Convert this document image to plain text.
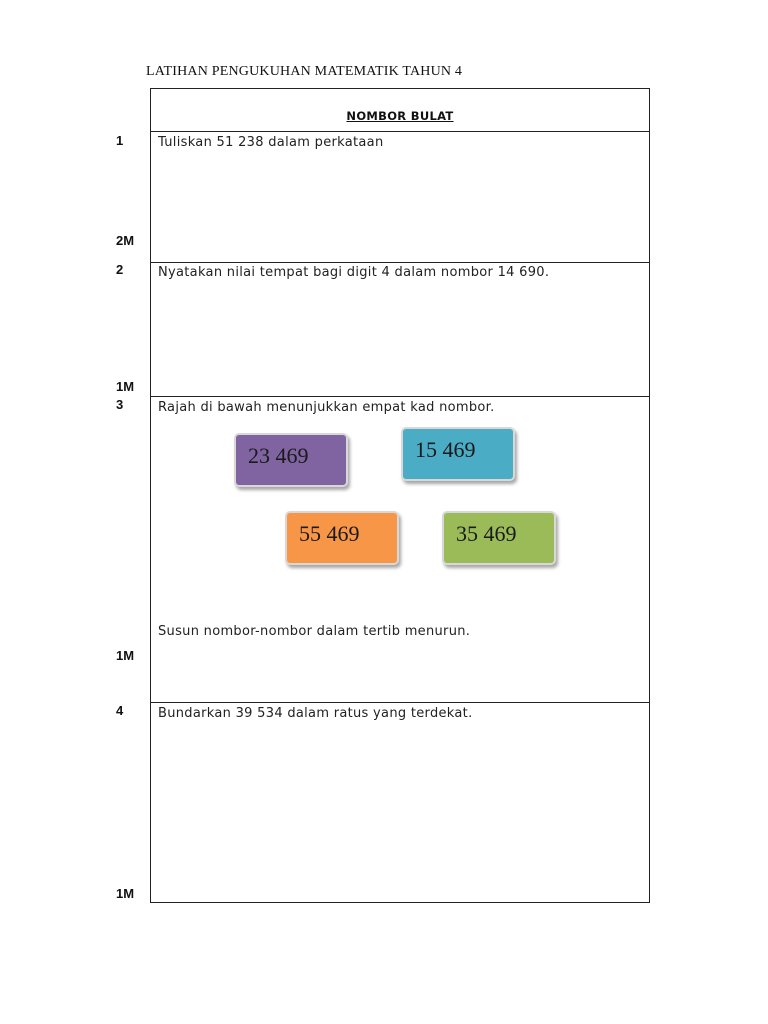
LATIHAN PENGUKUHAN MATEMATIK TAHUN 4
1
2M
2
1M
3
1M
4
1M
NOMBOR BULAT
Tuliskan 51 238 dalam perkataan
Nyatakan nilai tempat bagi digit 4 dalam nombor 14 690.
Rajah di bawah menunjukkan empat kad nombor.
23 469	15 469
55 469	35 469
Susun nombor-nombor dalam tertib menurun.
Bundarkan 39 534 dalam ratus yang terdekat.
